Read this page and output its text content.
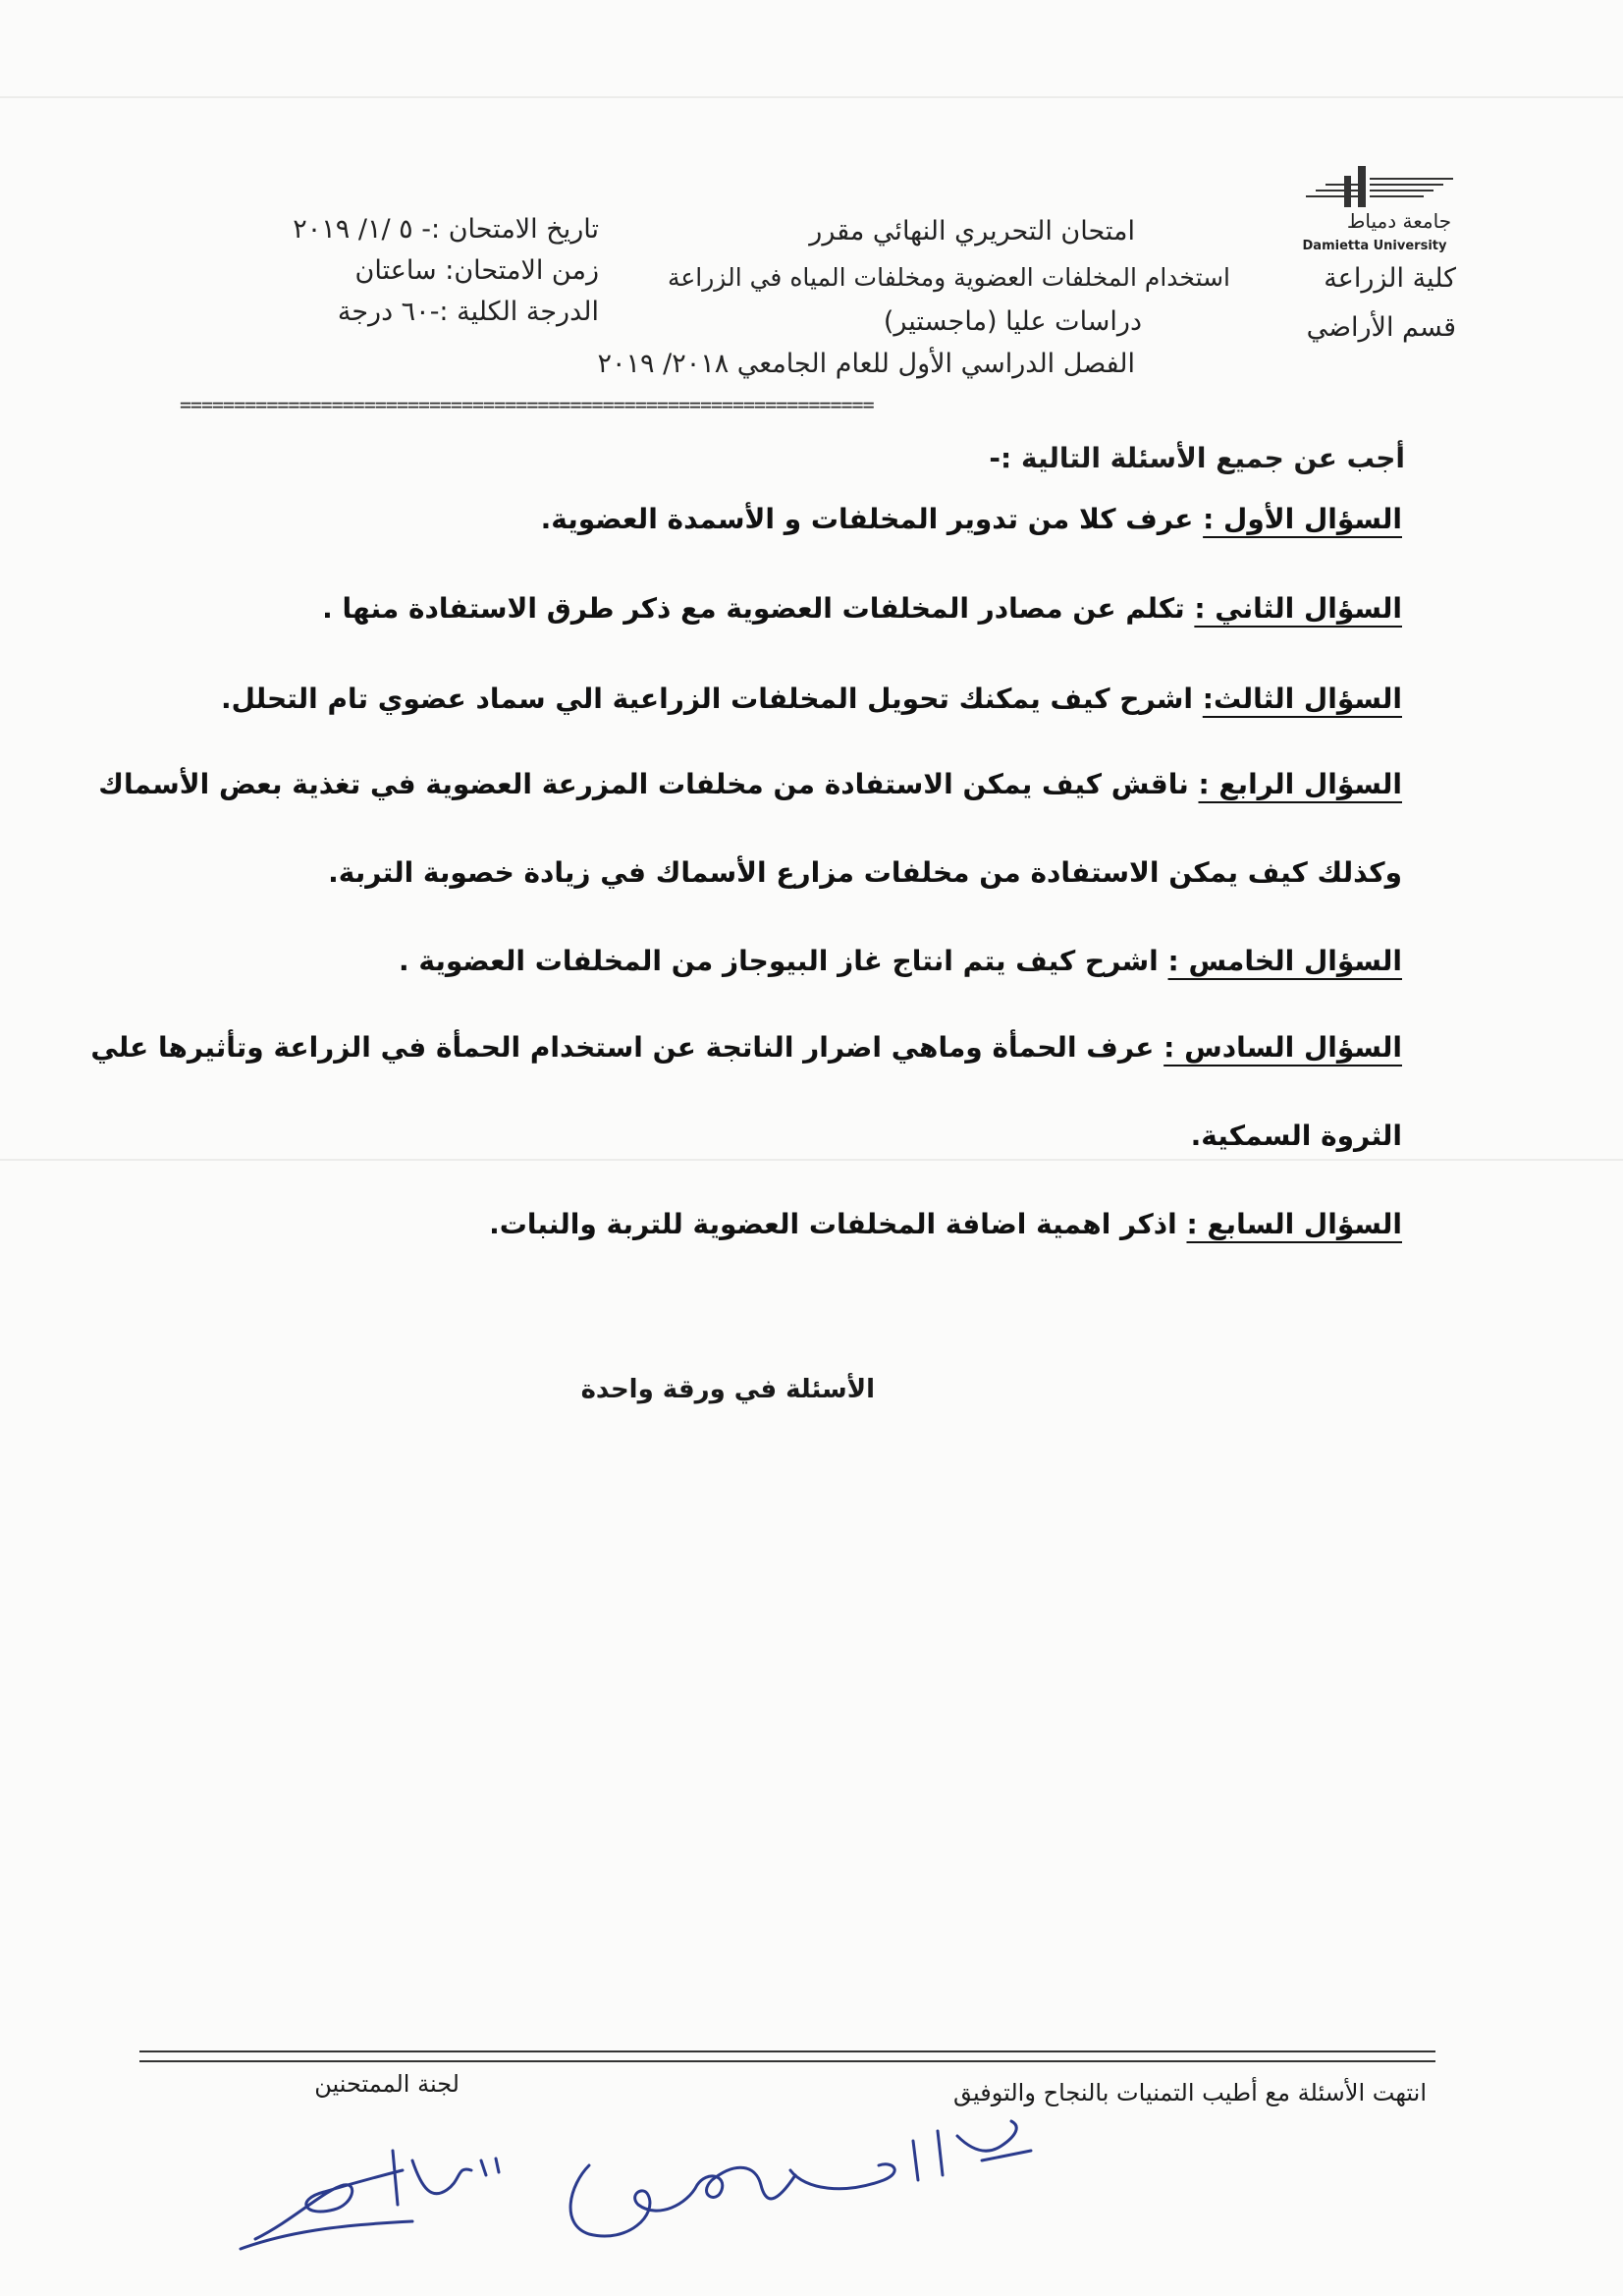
جامعة دمياط
Damietta University
كلية الزراعة
قسم الأراضي
امتحان التحريري النهائي مقرر
استخدام المخلفات العضوية ومخلفات المياه في الزراعة
دراسات عليا (ماجستير)
الفصل الدراسي الأول للعام الجامعي ٢٠١٨/ ٢٠١٩
تاريخ الامتحان :- ٥ /١/ ٢٠١٩
زمن الامتحان: ساعتان
الدرجة الكلية :-٦٠ درجة
================================================================
أجب عن جميع الأسئلة التالية :-
السؤال الأول : عرف كلا من تدوير المخلفات و الأسمدة العضوية.
السؤال الثاني : تكلم عن مصادر المخلفات العضوية مع ذكر طرق الاستفادة منها .
السؤال الثالث: اشرح كيف يمكنك تحويل المخلفات الزراعية الي سماد عضوي تام التحلل.
السؤال الرابع : ناقش كيف يمكن الاستفادة من مخلفات المزرعة العضوية في تغذية بعض الأسماك
وكذلك كيف يمكن الاستفادة من مخلفات مزارع الأسماك في زيادة خصوبة التربة.
السؤال الخامس : اشرح كيف يتم انتاج غاز البيوجاز من المخلفات العضوية .
السؤال السادس : عرف الحمأة وماهي اضرار الناتجة عن استخدام الحمأة في الزراعة وتأثيرها علي
الثروة السمكية.
السؤال السابع : اذكر اهمية اضافة المخلفات العضوية للتربة والنبات.
الأسئلة في ورقة واحدة
انتهت الأسئلة مع أطيب التمنيات بالنجاح والتوفيق
لجنة الممتحنين
